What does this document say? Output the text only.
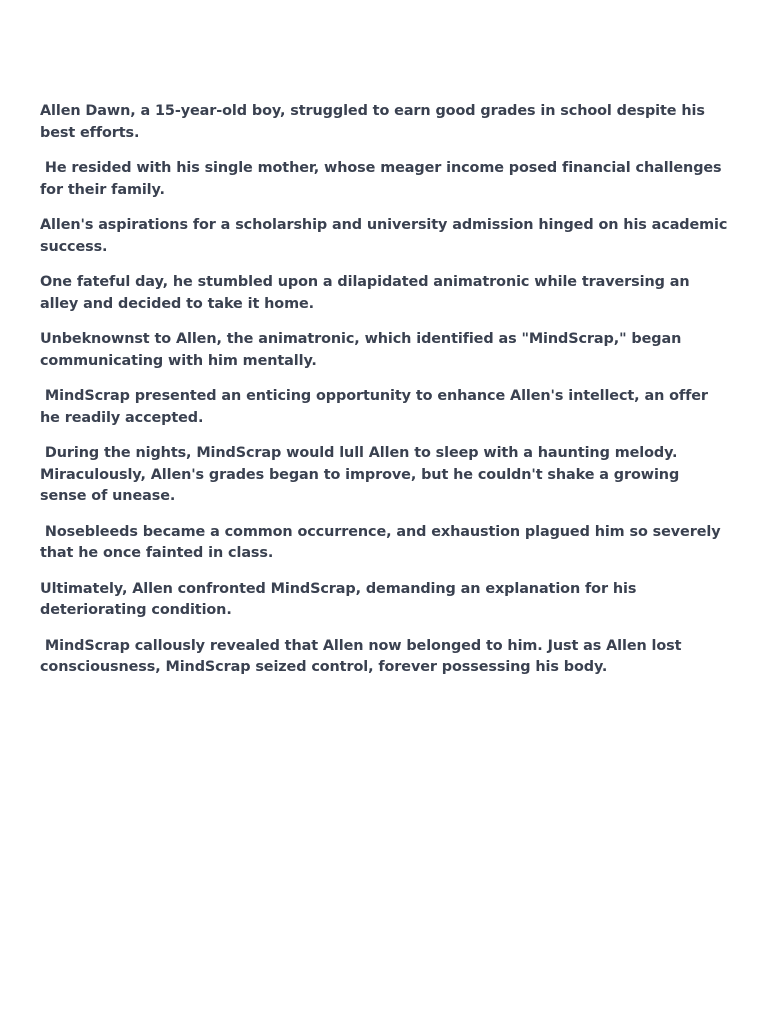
Allen Dawn, a 15-year-old boy, struggled to earn good grades in school despite his best efforts.

He resided with his single mother, whose meager income posed financial challenges for their family.

Allen's aspirations for a scholarship and university admission hinged on his academic success.

One fateful day, he stumbled upon a dilapidated animatronic while traversing an alley and decided to take it home.

Unbeknownst to Allen, the animatronic, which identified as "MindScrap," began communicating with him mentally.

MindScrap presented an enticing opportunity to enhance Allen's intellect, an offer he readily accepted.

During the nights, MindScrap would lull Allen to sleep with a haunting melody. Miraculously, Allen's grades began to improve, but he couldn't shake a growing sense of unease.

Nosebleeds became a common occurrence, and exhaustion plagued him so severely that he once fainted in class.

Ultimately, Allen confronted MindScrap, demanding an explanation for his deteriorating condition.

MindScrap callously revealed that Allen now belonged to him. Just as Allen lost consciousness, MindScrap seized control, forever possessing his body.
